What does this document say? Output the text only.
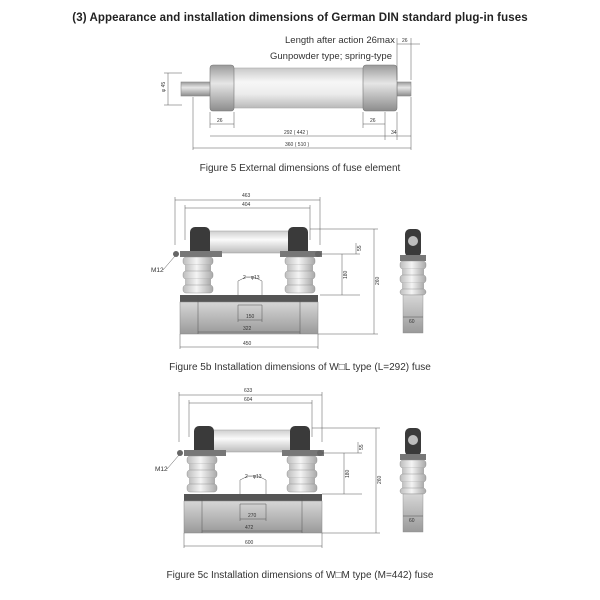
(3) Appearance and installation dimensions of German DIN standard plug-in fuses
Length after action 26max
Gunpowder type; spring-type
φ 45
26
26	26
292 ( 442 )	34
360 ( 510 )
Figure 5 External dimensions of fuse element
463
404
2－φ13
M12
150
322
450
55
180
260
60
Figure 5b Installation dimensions of W□L type (L=292) fuse
633
604
2－φ13
M12
270
472
600
55
180
260
60
Figure 5c Installation dimensions of W□M type (M=442) fuse
